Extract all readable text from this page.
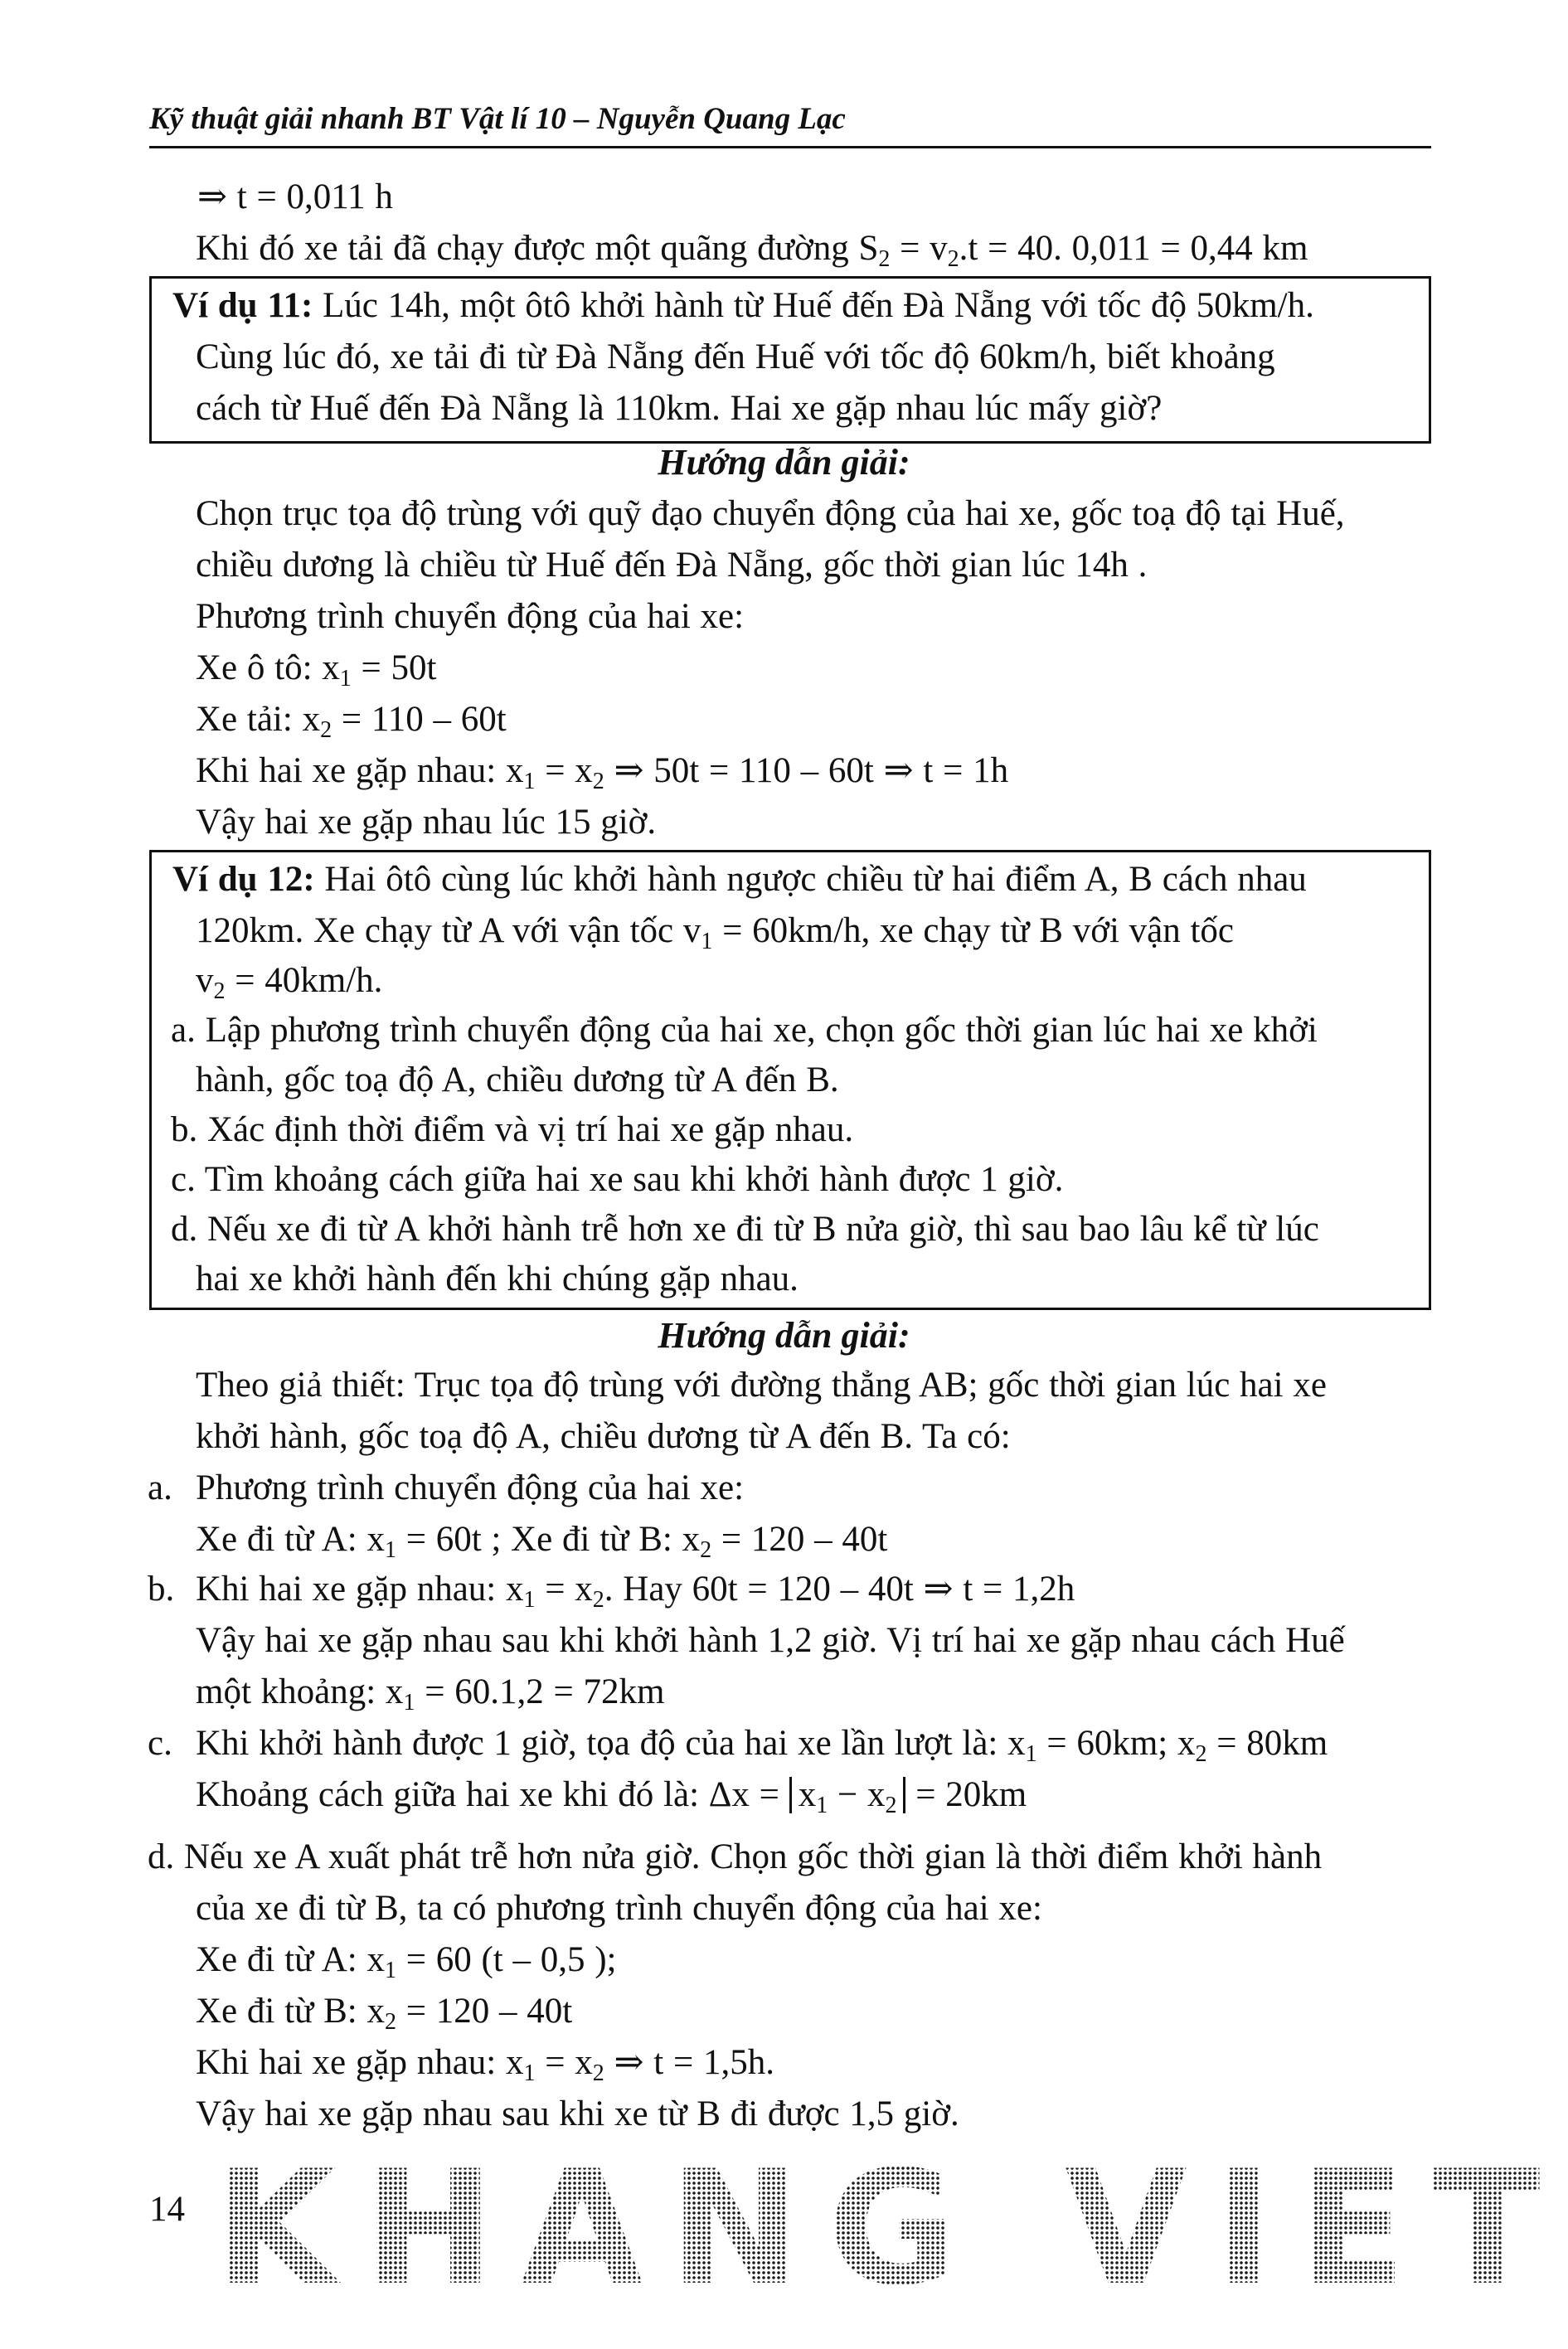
Kỹ thuật giải nhanh BT Vật lí 10 – Nguyễn Quang Lạc
⇒ t = 0,011 h
Khi đó xe tải đã chạy được một quãng đường $S_2 = v_2.t = 40$. 0,011 = 0,44 km
Ví dụ 11: Lúc 14h, một ôtô khởi hành từ Huế đến Đà Nẵng với tốc độ 50km/h.
Cùng lúc đó, xe tải đi từ Đà Nẵng đến Huế với tốc độ 60km/h, biết khoảng
cách từ Huế đến Đà Nẵng là 110km. Hai xe gặp nhau lúc mấy giờ?
Hướng dẫn giải:
Chọn trục tọa độ trùng với quỹ đạo chuyển động của hai xe, gốc toạ độ tại Huế,
chiều dương là chiều từ Huế đến Đà Nẵng, gốc thời gian lúc 14h .
Phương trình chuyển động của hai xe:
Xe ô tô: $x_1 = 50t$
Xe tải: $x_2 = 110 - 60t$
Khi hai xe gặp nhau: $x_1 = x_2$ ⇒ 50t = 110 – 60t ⇒ t = 1h
Vậy hai xe gặp nhau lúc 15 giờ.
Ví dụ 12: Hai ôtô cùng lúc khởi hành ngược chiều từ hai điểm A, B cách nhau
120km. Xe chạy từ A với vận tốc $v_1 = 60km/h$, xe chạy từ B với vận tốc
$v_2 = 40km/h$.
a. Lập phương trình chuyển động của hai xe, chọn gốc thời gian lúc hai xe khởi
hành, gốc toạ độ A, chiều dương từ A đến B.
b. Xác định thời điểm và vị trí hai xe gặp nhau.
c. Tìm khoảng cách giữa hai xe sau khi khởi hành được 1 giờ.
d. Nếu xe đi từ A khởi hành trễ hơn xe đi từ B nửa giờ, thì sau bao lâu kể từ lúc
hai xe khởi hành đến khi chúng gặp nhau.
Hướng dẫn giải:
Theo giả thiết: Trục tọa độ trùng với đường thẳng AB; gốc thời gian lúc hai xe
khởi hành, gốc toạ độ A, chiều dương từ A đến B. Ta có:
a. Phương trình chuyển động của hai xe:
Xe đi từ A: $x_1 = 60t$ ; Xe đi từ B: $x_2 = 120 - 40t$
b. Khi hai xe gặp nhau: $x_1 = x_2$. Hay 60t = 120 – 40t ⇒ t = 1,2h
Vậy hai xe gặp nhau sau khi khởi hành 1,2 giờ. Vị trí hai xe gặp nhau cách Huế
một khoảng: $x_1 = 60.1,2 = 72km$
c. Khi khởi hành được 1 giờ, tọa độ của hai xe lần lượt là: $x_1 = 60km$; $x_2 = 80km$
Khoảng cách giữa hai xe khi đó là: $\Delta x = x_1 - x_2 = 20km$
d. Nếu xe A xuất phát trễ hơn nửa giờ. Chọn gốc thời gian là thời điểm khởi hành
của xe đi từ B, ta có phương trình chuyển động của hai xe:
Xe đi từ A: $x_1 = 60$ (t – 0,5 );
Xe đi từ B: $x_2 = 120 - 40t$
Khi hai xe gặp nhau: $x_1 = x_2$ ⇒ t = 1,5h.
Vậy hai xe gặp nhau sau khi xe từ B đi được 1,5 giờ.
14 KHANG VIET
